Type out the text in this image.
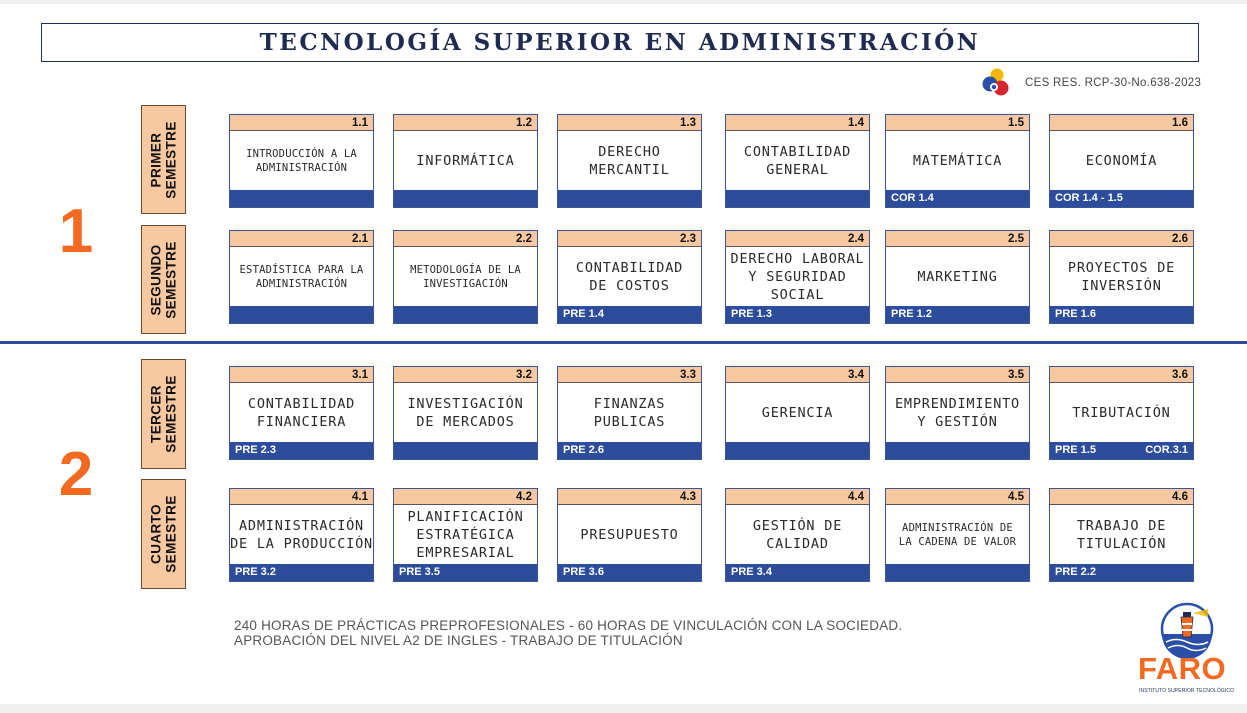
TECNOLOGÍA SUPERIOR EN ADMINISTRACIÓN
CES RES. RCP-30-No.638-2023
1
2
PRIMER
SEMESTRE
SEGUNDO
SEMESTRE
TERCER
SEMESTRE
CUARTO
SEMESTRE
1.1
INTRODUCCIÓN A LA
ADMINISTRACIÓN
1.2
INFORMÁTICA
1.3
DERECHO
MERCANTIL
1.4
CONTABILIDAD
GENERAL
1.5
MATEMÁTICA
COR 1.4
1.6
ECONOMÍA
COR 1.4 - 1.5
2.1
ESTADÍSTICA PARA LA
ADMINISTRACIÓN
2.2
METODOLOGÍA DE LA
INVESTIGACIÓN
2.3
CONTABILIDAD
DE COSTOS
PRE 1.4
2.4
DERECHO LABORAL
Y SEGURIDAD
SOCIAL
PRE 1.3
2.5
MARKETING
PRE 1.2
2.6
PROYECTOS DE
INVERSIÓN
PRE 1.6
3.1
CONTABILIDAD
FINANCIERA
PRE 2.3
3.2
INVESTIGACIÓN
DE MERCADOS
3.3
FINANZAS
PUBLICAS
PRE 2.6
3.4
GERENCIA
3.5
EMPRENDIMIENTO
Y GESTIÓN
3.6
TRIBUTACIÓN
PRE 1.5	COR.3.1
4.1
ADMINISTRACIÓN
DE LA PRODUCCIÓN
PRE 3.2
4.2
PLANIFICACIÓN
ESTRATÉGICA
EMPRESARIAL
PRE 3.5
4.3
PRESUPUESTO
PRE 3.6
4.4
GESTIÓN DE
CALIDAD
PRE 3.4
4.5
ADMINISTRACIÓN DE
LA CADENA DE VALOR
4.6
TRABAJO DE
TITULACIÓN
PRE 2.2
240 HORAS DE PRÁCTICAS PREPROFESIONALES - 60 HORAS DE VINCULACIÓN CON LA SOCIEDAD.
APROBACIÓN DEL NIVEL A2 DE INGLES - TRABAJO DE TITULACIÓN
FARO
INSTITUTO SUPERIOR TECNOLÓGICO
